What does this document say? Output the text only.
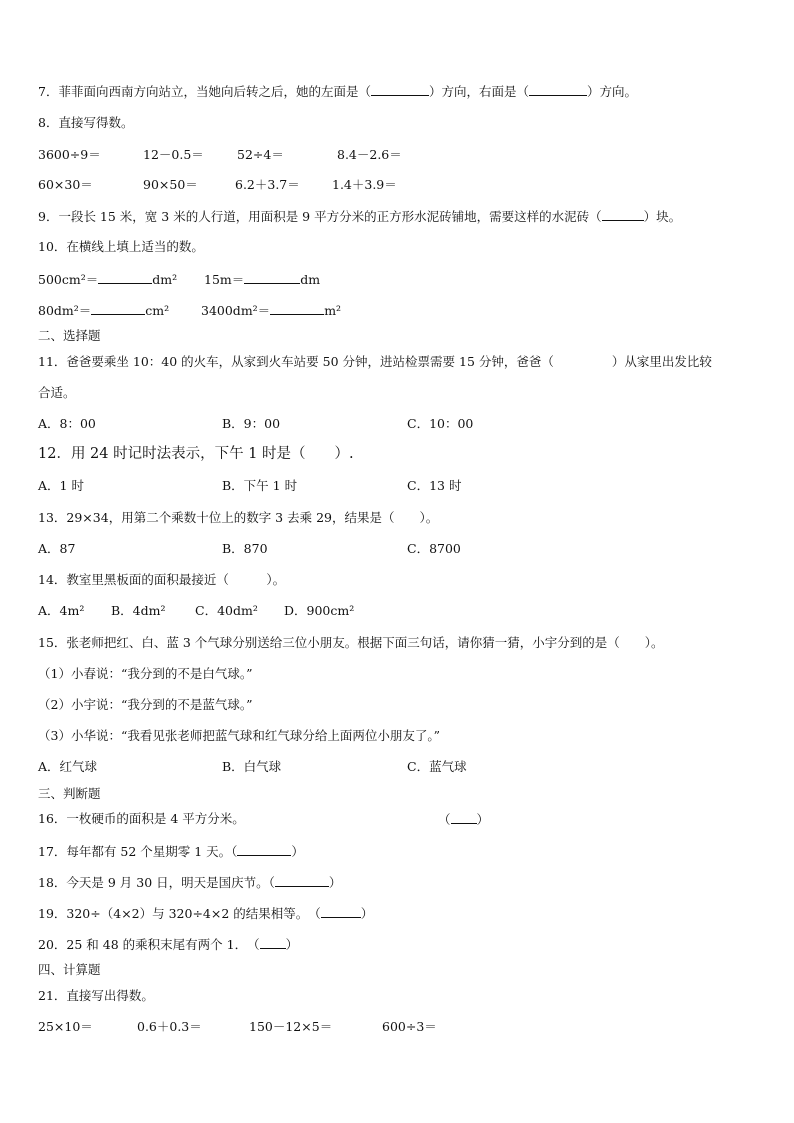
7．菲菲面向西南方向站立，当她向后转之后，她的左面是（	）方向，右面是（	）方向。
8．直接写得数。
3600÷9＝	12－0.5＝	52÷4＝	8.4－2.6＝
60×30＝	90×50＝	6.2＋3.7＝	1.4＋3.9＝
9．一段长 15 米，宽 3 米的人行道，用面积是 9 平方分米的正方形水泥砖铺地，需要这样的水泥砖（	）块。
10．在横线上填上适当的数。
500cm²＝	dm² 15m＝	dm
80dm²＝	cm²	3400dm²＝	m²
二、选择题
11．爸爸要乘坐 10：40 的火车，从家到火车站要 50 分钟，进站检票需要 15 分钟，爸爸（	）从家里出发比较
合适。
A．8：00	B．9：00	C．10：00
12．用 24 时记时法表示，下午 1 时是（　　）.
A．1 时	B．下午 1 时	C．13 时
13．29×34，用第二个乘数十位上的数字 3 去乘 29，结果是（　　）。
A．87	B．870	C．8700
14．教室里黑板面的面积最接近（　　　）。
A．4m² B．4dm² C．40dm² D．900cm²
15．张老师把红、白、蓝 3 个气球分别送给三位小朋友。根据下面三句话，请你猜一猜，小宇分到的是（　　）。
（1）小春说：“我分到的不是白气球。”
（2）小宇说：“我分到的不是蓝气球。”
（3）小华说：“我看见张老师把蓝气球和红气球分给上面两位小朋友了。”
A．红气球	B．白气球	C．蓝气球
三、判断题
16．一枚硬币的面积是 4 平方分米。	（ ）
17．每年都有 52 个星期零 1 天。（	）
18．今天是 9 月 30 日，明天是国庆节。（	）
19．320÷（4×2）与 320÷4×2 的结果相等。　（	）
20．25 和 48 的乘积末尾有两个 1．　（ ）
四、计算题
21．直接写出得数。
25×10＝	0.6＋0.3＝	150－12×5＝	600÷3＝
